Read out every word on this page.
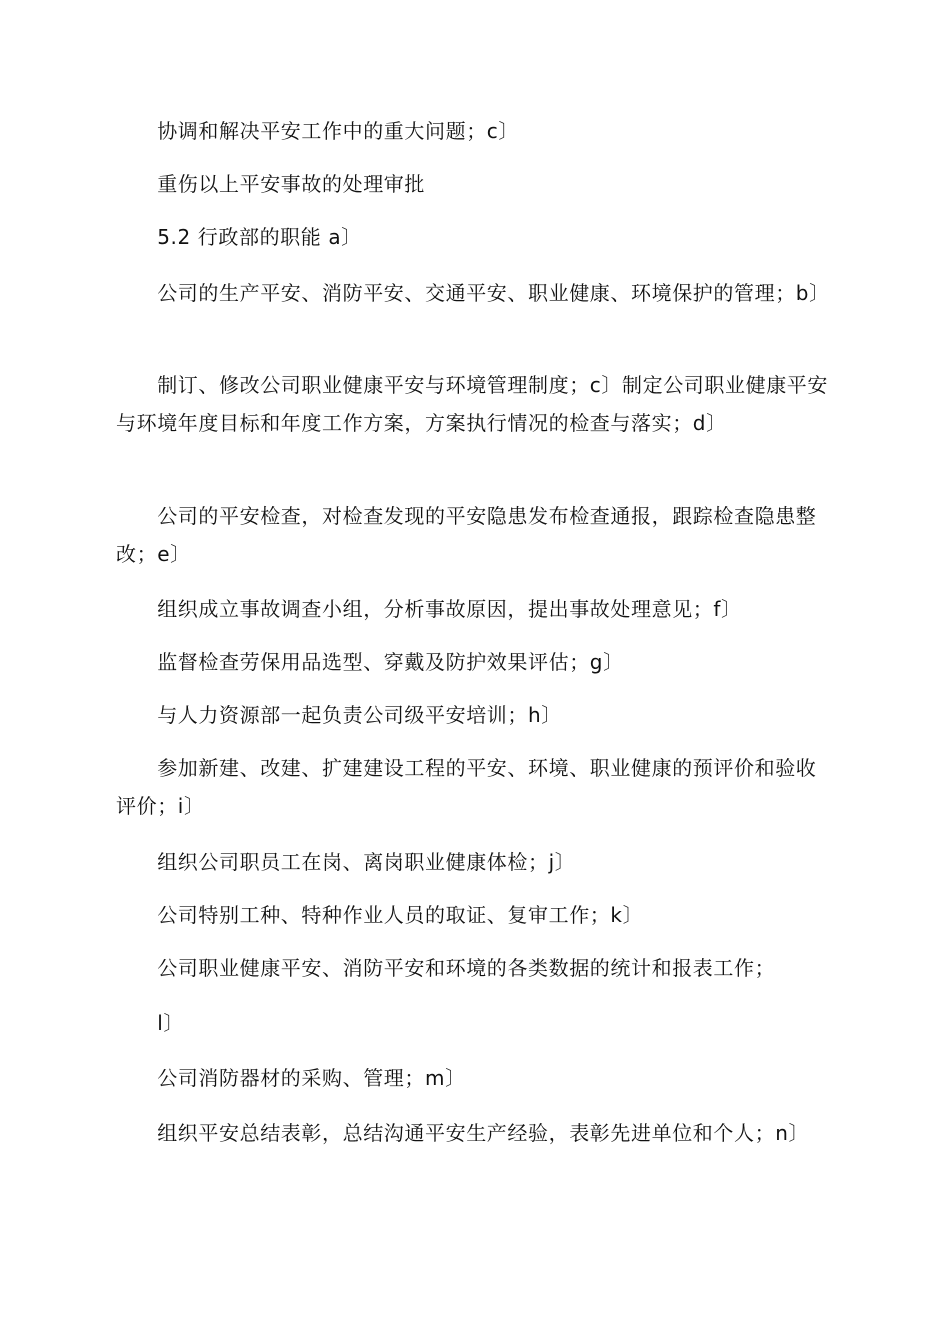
　　协调和解决平安工作中的重大问题；c〕
　　重伤以上平安事故的处理审批
　　5.2 行政部的职能 a〕
　　公司的生产平安、消防平安、交通平安、职业健康、环境保护的管理；b〕
　　制订、修改公司职业健康平安与环境管理制度；c〕制定公司职业健康平安与环境年度目标和年度工作方案，方案执行情况的检查与落实；d〕
　　公司的平安检查，对检查发现的平安隐患发布检查通报，跟踪检查隐患整改；e〕
　　组织成立事故调查小组，分析事故原因，提出事故处理意见；f〕
　　监督检查劳保用品选型、穿戴及防护效果评估；g〕
　　与人力资源部一起负责公司级平安培训；h〕
　　参加新建、改建、扩建建设工程的平安、环境、职业健康的预评价和验收评价；i〕
　　组织公司职员工在岗、离岗职业健康体检；j〕
　　公司特别工种、特种作业人员的取证、复审工作；k〕
　　公司职业健康平安、消防平安和环境的各类数据的统计和报表工作；
　　l〕
　　公司消防器材的采购、管理；m〕
　　组织平安总结表彰，总结沟通平安生产经验，表彰先进单位和个人；n〕
